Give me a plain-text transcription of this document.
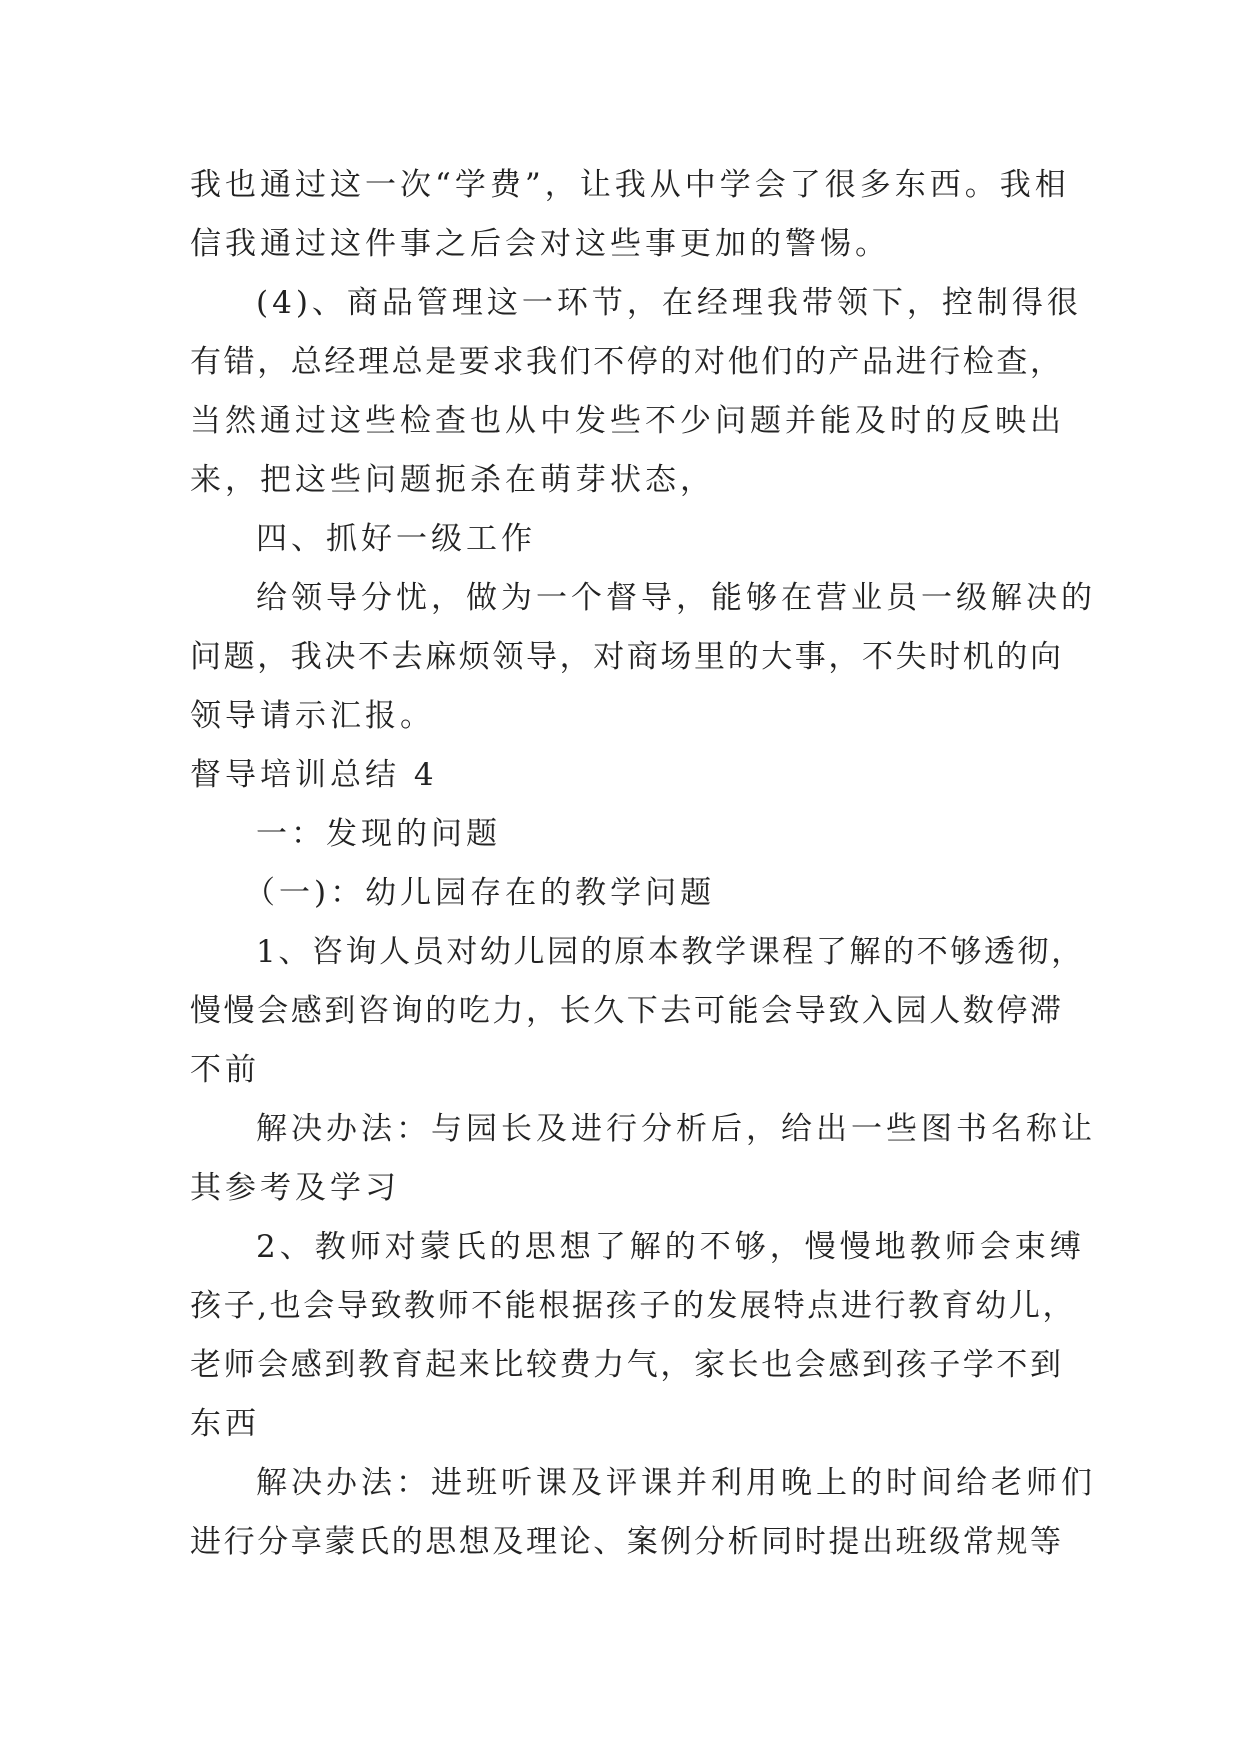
我也通过这一次“学费”，让我从中学会了很多东西。我相
信我通过这件事之后会对这些事更加的警惕。
(4)、商品管理这一环节，在经理我带领下，控制得很
有错，总经理总是要求我们不停的对他们的产品进行检查，
当然通过这些检查也从中发些不少问题并能及时的反映出
来，把这些问题扼杀在萌芽状态，
四、抓好一级工作
给领导分忧，做为一个督导，能够在营业员一级解决的
问题，我决不去麻烦领导，对商场里的大事，不失时机的向
领导请示汇报。
督导培训总结 4
一：发现的问题
（一)：幼儿园存在的教学问题
1、咨询人员对幼儿园的原本教学课程了解的不够透彻，
慢慢会感到咨询的吃力，长久下去可能会导致入园人数停滞
不前
解决办法：与园长及进行分析后，给出一些图书名称让
其参考及学习
2、教师对蒙氏的思想了解的不够，慢慢地教师会束缚
孩子,也会导致教师不能根据孩子的发展特点进行教育幼儿，
老师会感到教育起来比较费力气，家长也会感到孩子学不到
东西
解决办法：进班听课及评课并利用晚上的时间给老师们
进行分享蒙氏的思想及理论、案例分析同时提出班级常规等
